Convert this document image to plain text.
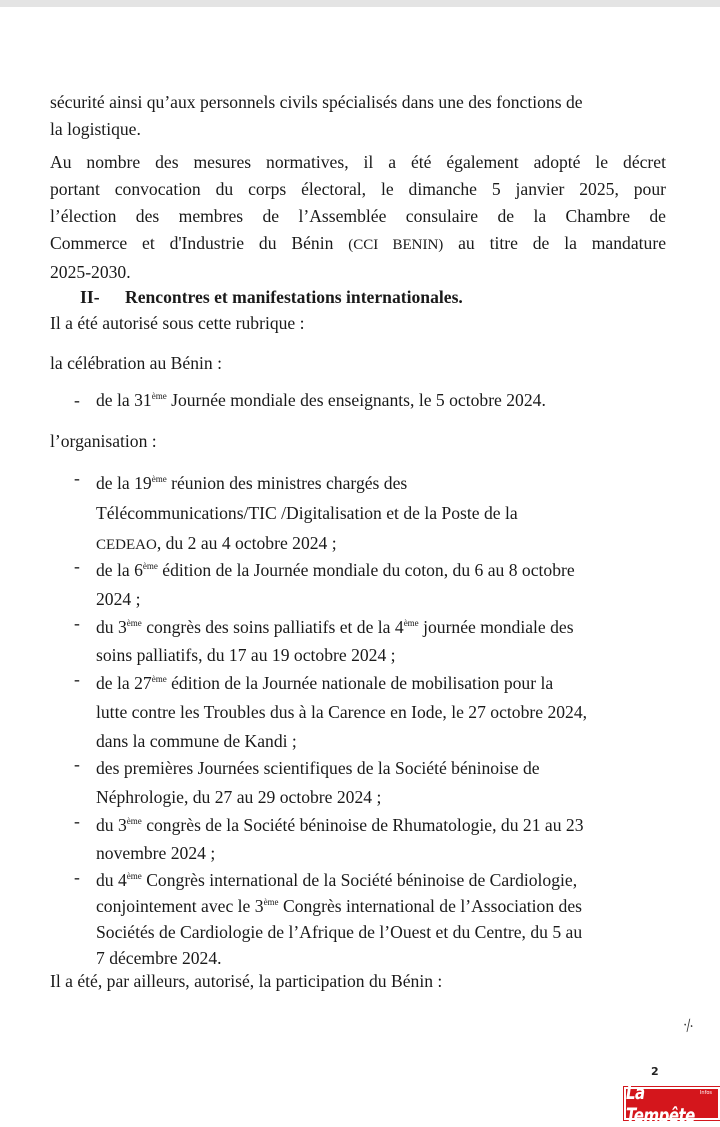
sécurité ainsi qu’aux personnels civils spécialisés dans une des fonctions de
la logistique.
Au nombre des mesures normatives, il a été également adopté le décret
portant convocation du corps électoral, le dimanche 5 janvier 2025, pour
l’élection des membres de l’Assemblée consulaire de la Chambre de
Commerce et d'Industrie du Bénin (CCI BENIN) au titre de la mandature
2025-2030.
II- Rencontres et manifestations internationales.
Il a été autorisé sous cette rubrique :
la célébration au Bénin :
- de la 31ème Journée mondiale des enseignants, le 5 octobre 2024.
l’organisation :
- de la 19ème réunion des ministres chargés des
Télécommunications/TIC /Digitalisation et de la Poste de la
CEDEAO, du 2 au 4 octobre 2024 ;
- de la 6ème édition de la Journée mondiale du coton, du 6 au 8 octobre
2024 ;
- du 3ème congrès des soins palliatifs et de la 4ème journée mondiale des
soins palliatifs, du 17 au 19 octobre 2024 ;
- de la 27ème édition de la Journée nationale de mobilisation pour la
lutte contre les Troubles dus à la Carence en Iode, le 27 octobre 2024,
dans la commune de Kandi ;
- des premières Journées scientifiques de la Société béninoise de
Néphrologie, du 27 au 29 octobre 2024 ;
- du 3ème congrès de la Société béninoise de Rhumatologie, du 21 au 23
novembre 2024 ;
- du 4ème Congrès international de la Société béninoise de Cardiologie,
conjointement avec le 3ème Congrès international de l’Association des
Sociétés de Cardiologie de l’Afrique de l’Ouest et du Centre, du 5 au
7 décembre 2024.
Il a été, par ailleurs, autorisé, la participation du Bénin :
⸓
2
Infos
La Tempête
